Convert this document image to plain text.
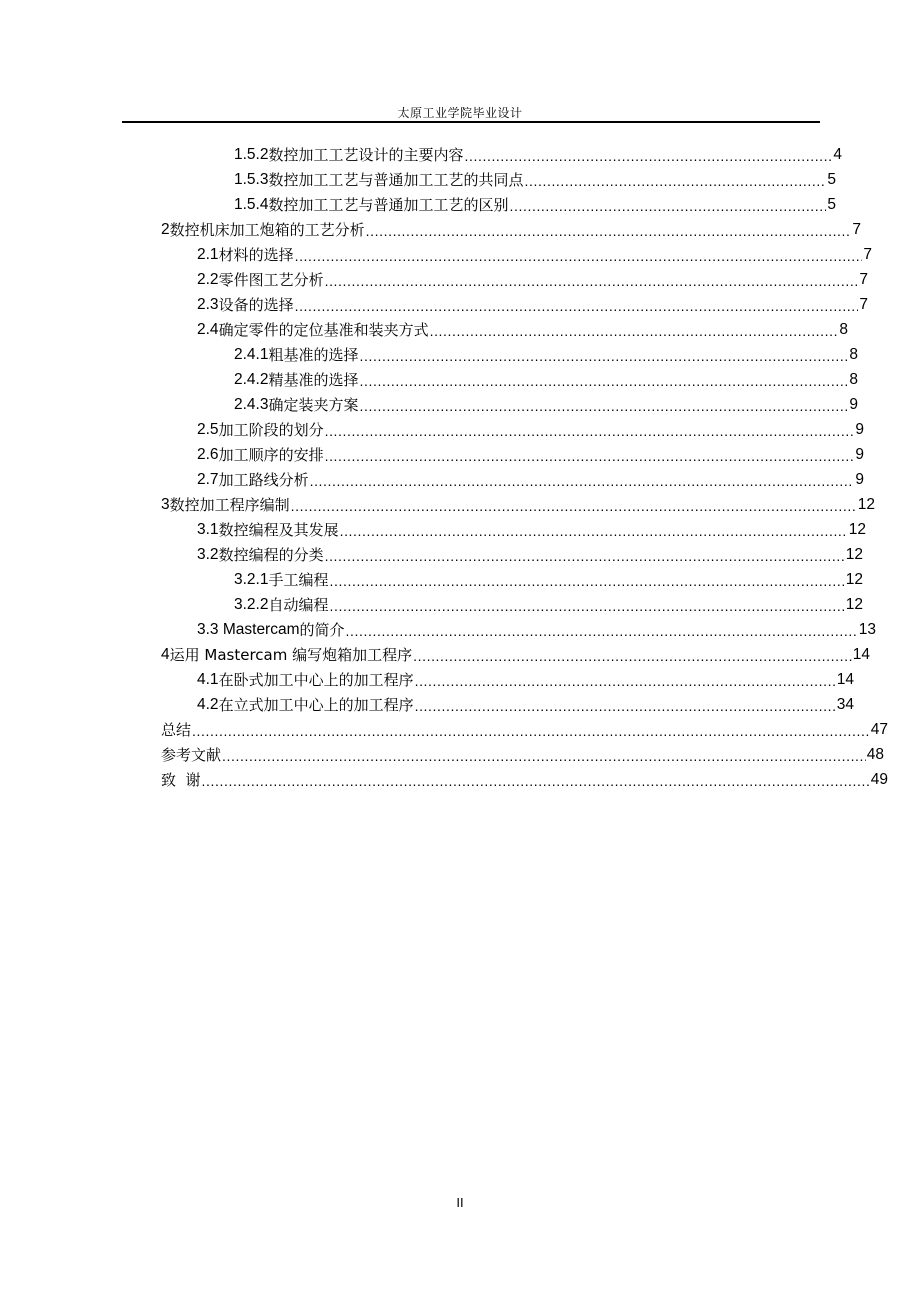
太原工业学院毕业设计
1.5.2 数控加工工艺设计的主要内容 .....	4
1.5.3 数控加工工艺与普通加工工艺的共同点 .....	5
1.5.4 数控加工工艺与普通加工工艺的区别 .....	5
2 数控机床加工炮箱的工艺分析 .....	7
2.1 材料的选择 .....	7
2.2 零件图工艺分析 .....	7
2.3 设备的选择 .....	7
2.4 确定零件的定位基准和装夹方式 .....	8
2.4.1 粗基准的选择 .....	8
2.4.2 精基准的选择 .....	8
2.4.3 确定装夹方案 .....	9
2.5 加工阶段的划分 .....	9
2.6 加工顺序的安排 .....	9
2.7 加工路线分析 .....	9
3 数控加工程序编制 .....	12
3.1 数控编程及其发展 .....	12
3.2 数控编程的分类 .....	12
3.2.1 手工编程 .....	12
3.2.2 自动编程 .....	12
3.3 Mastercam 的简介 .....	13
4 运用 Mastercam 编写炮箱加工程序 .....	14
4.1 在卧式加工中心上的加工程序 .....	14
4.2 在立式加工中心上的加工程序 .....	34
总结 .....	47
参考文献 .....	48
致  谢 .....	49
II
